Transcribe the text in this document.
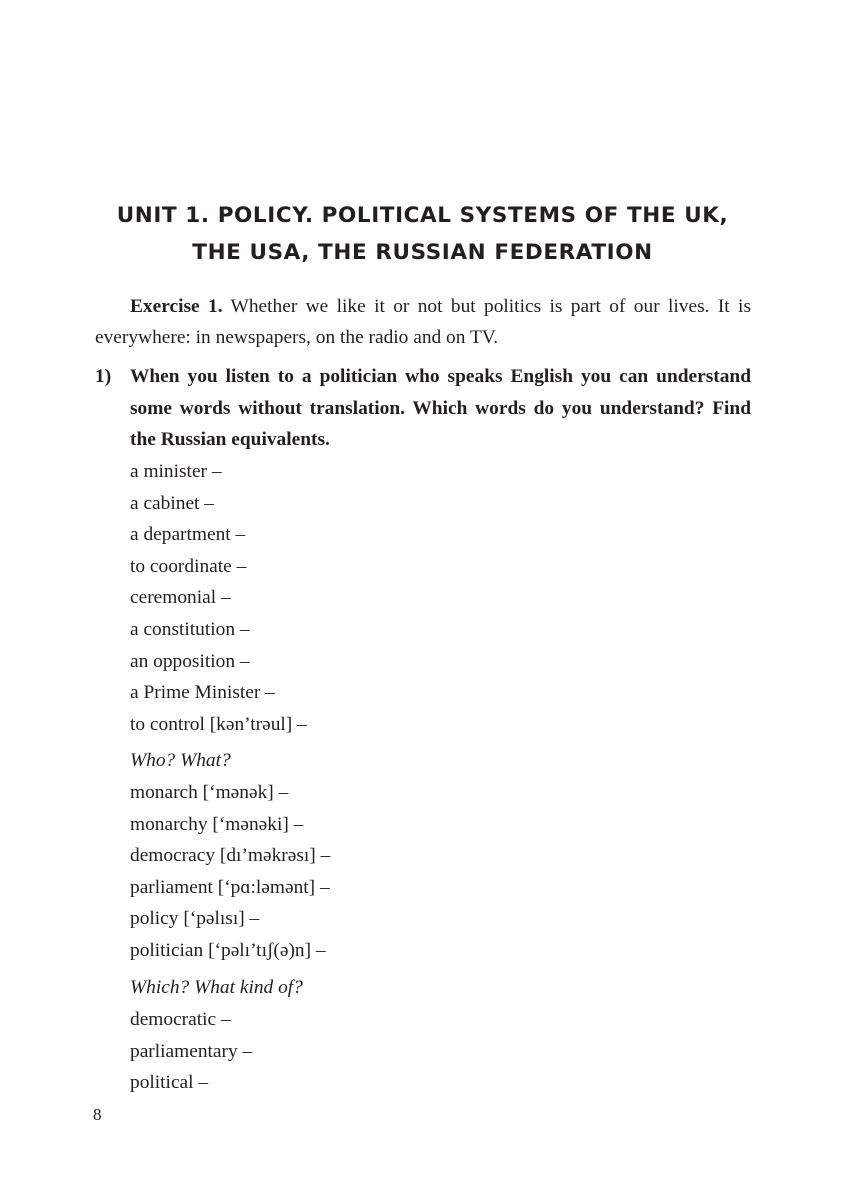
UNIT 1. POLICY. POLITICAL SYSTEMS OF THE UK,
THE USA, THE RUSSIAN FEDERATION

Exercise 1. Whether we like it or not but politics is part of our lives. It is everywhere: in newspapers, on the radio and on TV.

1) When you listen to a politician who speaks English you can understand some words without translation. Which words do you understand? Find the Russian equivalents.

a minister –
a cabinet –
a department –
to coordinate –
ceremonial –
a constitution –
an opposition –
a Prime Minister –
to control [kən’trəul] –

Who? What?

monarch [‘mənək] –
monarchy [‘mənəki] –
democracy [dı’məkrəsı] –
parliament [‘pɑ:ləmənt] –
policy [‘pəlısı] –
politician [‘pəlı’tıʃ(ə)n] –

Which? What kind of?

democratic –
parliamentary –
political –
8
